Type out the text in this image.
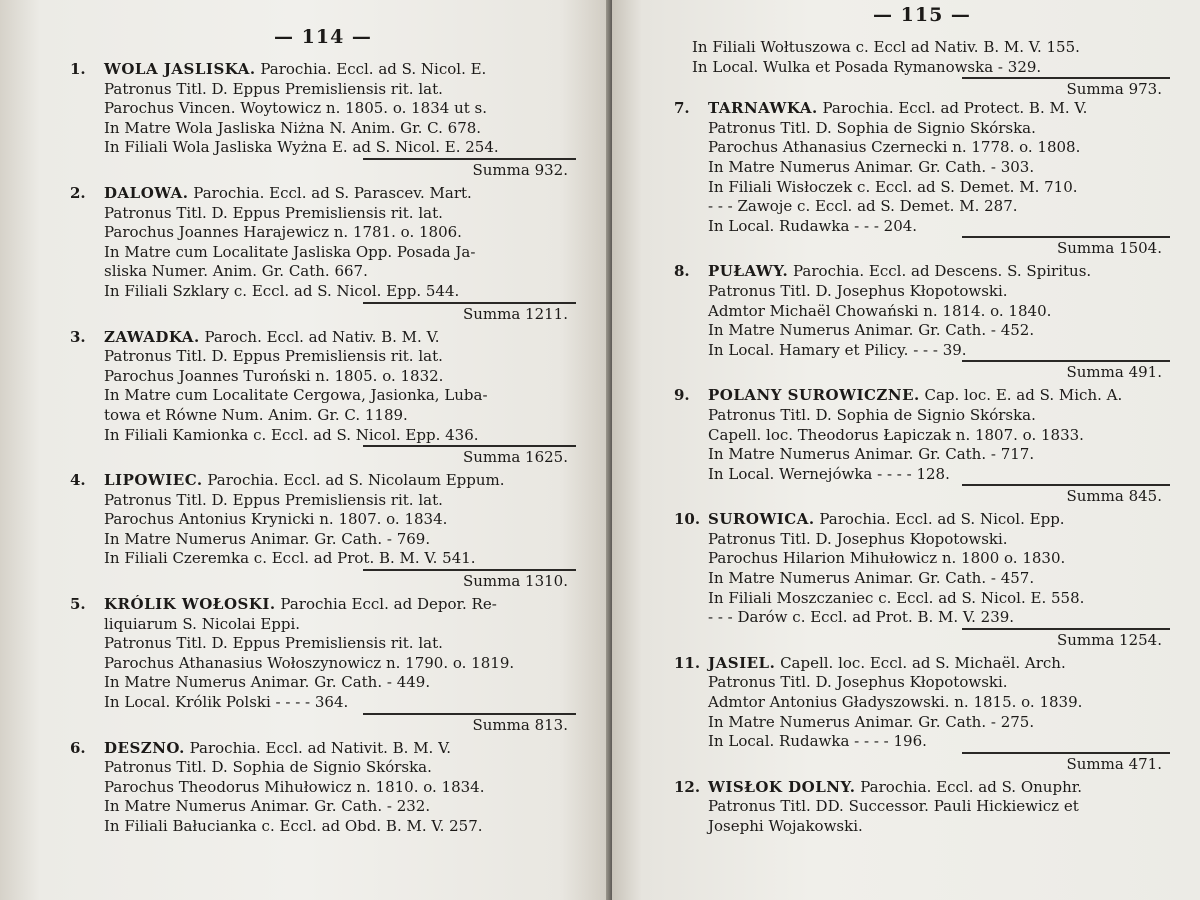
— 114 —
1. WOLA JASLISKA. Parochia. Eccl. ad S. Nicol. E.
Patronus Titl. D. Eppus Premisliensis rit. lat.
Parochus Vincen. Woytowicz n. 1805. o. 1834 ut s.
In Matre Wola Jasliska Niżna N. Anim. Gr. C. 678.
In Filiali Wola Jasliska Wyżna E. ad S. Nicol. E. 254.
Summa 932.
2. DALOWA. Parochia. Eccl. ad S. Parascev. Mart.
Patronus Titl. D. Eppus Premisliensis rit. lat.
Parochus Joannes Harajewicz n. 1781. o. 1806.
In Matre cum Localitate Jasliska Opp. Posada Ja-
sliska Numer. Anim. Gr. Cath. 667.
In Filiali Szklary c. Eccl. ad S. Nicol. Epp. 544.
Summa 1211.
3. ZAWADKA. Paroch. Eccl. ad Nativ. B. M. V.
Patronus Titl. D. Eppus Premisliensis rit. lat.
Parochus Joannes Turoński n. 1805. o. 1832.
In Matre cum Localitate Cergowa, Jasionka, Lubа-
towa et Równe Num. Anim. Gr. C. 1189.
In Filiali Kamionka c. Eccl. ad S. Nicol. Epp. 436.
Summa 1625.
4. LIPOWIEC. Parochia. Eccl. ad S. Nicolaum Eppum.
Patronus Titl. D. Eppus Premisliensis rit. lat.
Parochus Antonius Krynicki n. 1807. o. 1834.
In Matre Numerus Animar. Gr. Cath. - 769.
In Filiali Czeremka c. Eccl. ad Prot. B. M. V. 541.
Summa 1310.
5. KRÓLIK WOŁOSKI. Parochia Eccl. ad Depor. Re-
liquiarum S. Nicolai Eppi.
Patronus Titl. D. Eppus Premisliensis rit. lat.
Parochus Athanasius Wołoszynowicz n. 1790. o. 1819.
In Matre Numerus Animar. Gr. Cath. - 449.
In Local. Królik Polski - - - - 364.
Summa 813.
6. DESZNO. Parochia. Eccl. ad Nativit. B. M. V.
Patronus Titl. D. Sophia de Signio Skórska.
Parochus Theodorus Mihułowicz n. 1810. o. 1834.
In Matre Numerus Animar. Gr. Cath. - 232.
In Filiali Bałucianka c. Eccl. ad Obd. B. M. V. 257.
— 115 —
In Filiali Wołtuszowa c. Eccl ad Nativ. B. M. V. 155.
In Local. Wulka et Posada Rymanowska - 329.
Summa 973.
7. TARNAWKA. Parochia. Eccl. ad Protect. B. M. V.
Patronus Titl. D. Sophia de Signio Skórska.
Parochus Athanasius Czernecki n. 1778. o. 1808.
In Matre Numerus Animar. Gr. Cath. - 303.
In Filiali Wisłoczek c. Eccl. ad S. Demet. M. 710.
- - - Zawoje c. Eccl. ad S. Demet. M. 287.
In Local. Rudawka - - - 204.
Summa 1504.
8. PUŁAWY. Parochia. Eccl. ad Descens. S. Spiritus.
Patronus Titl. D. Josephus Kłopotowski.
Admtor Michaël Chowański n. 1814. o. 1840.
In Matre Numerus Animar. Gr. Cath. - 452.
In Local. Hamary et Pilicy. - - - 39.
Summa 491.
9. POLANY SUROWICZNE. Cap. loc. E. ad S. Mich. A.
Patronus Titl. D. Sophia de Signio Skórska.
Capell. loc. Theodorus Łapiczak n. 1807. o. 1833.
In Matre Numerus Animar. Gr. Cath. - 717.
In Local. Wernejówka - - - - 128.
Summa 845.
10. SUROWICA. Parochia. Eccl. ad S. Nicol. Epp.
Patronus Titl. D. Josephus Kłopotowski.
Parochus Hilarion Mihułowicz n. 1800 o. 1830.
In Matre Numerus Animar. Gr. Cath. - 457.
In Filiali Moszczaniec c. Eccl. ad S. Nicol. E. 558.
- - - Darów c. Eccl. ad Prot. B. M. V. 239.
Summa 1254.
11. JASIEL. Capell. loc. Eccl. ad S. Michaël. Arch.
Patronus Titl. D. Josephus Kłopotowski.
Admtor Antonius Gładyszowski. n. 1815. o. 1839.
In Matre Numerus Animar. Gr. Cath. - 275.
In Local. Rudawka - - - - 196.
Summa 471.
12. WISŁOK DOLNY. Parochia. Eccl. ad S. Onuphr.
Patronus Titl. DD. Successor. Pauli Hickiewicz et
Josephi Wojakowski.
